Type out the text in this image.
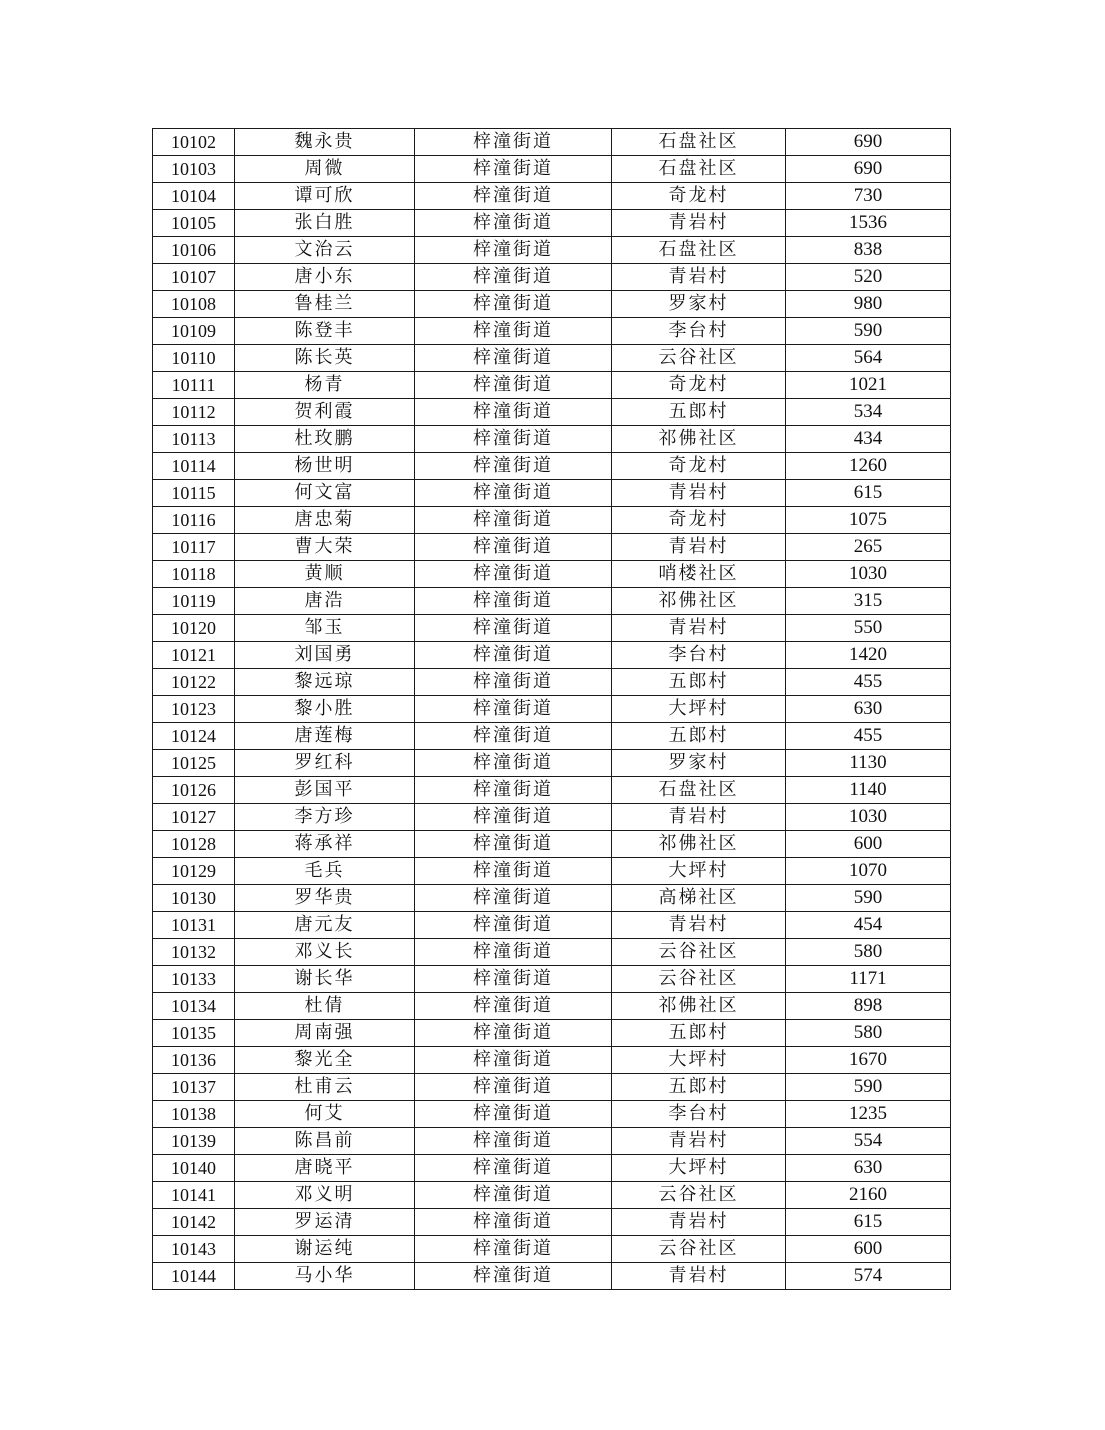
10102	魏永贵	梓潼街道	石盘社区	690
10103	周微	梓潼街道	石盘社区	690
10104	谭可欣	梓潼街道	奇龙村	730
10105	张白胜	梓潼街道	青岩村	1536
10106	文治云	梓潼街道	石盘社区	838
10107	唐小东	梓潼街道	青岩村	520
10108	鲁桂兰	梓潼街道	罗家村	980
10109	陈登丰	梓潼街道	李台村	590
10110	陈长英	梓潼街道	云谷社区	564
10111	杨青	梓潼街道	奇龙村	1021
10112	贺利霞	梓潼街道	五郎村	534
10113	杜玫鹏	梓潼街道	祁佛社区	434
10114	杨世明	梓潼街道	奇龙村	1260
10115	何文富	梓潼街道	青岩村	615
10116	唐忠菊	梓潼街道	奇龙村	1075
10117	曹大荣	梓潼街道	青岩村	265
10118	黄顺	梓潼街道	哨楼社区	1030
10119	唐浩	梓潼街道	祁佛社区	315
10120	邹玉	梓潼街道	青岩村	550
10121	刘国勇	梓潼街道	李台村	1420
10122	黎远琼	梓潼街道	五郎村	455
10123	黎小胜	梓潼街道	大坪村	630
10124	唐莲梅	梓潼街道	五郎村	455
10125	罗红科	梓潼街道	罗家村	1130
10126	彭国平	梓潼街道	石盘社区	1140
10127	李方珍	梓潼街道	青岩村	1030
10128	蒋承祥	梓潼街道	祁佛社区	600
10129	毛兵	梓潼街道	大坪村	1070
10130	罗华贵	梓潼街道	高梯社区	590
10131	唐元友	梓潼街道	青岩村	454
10132	邓义长	梓潼街道	云谷社区	580
10133	谢长华	梓潼街道	云谷社区	1171
10134	杜倩	梓潼街道	祁佛社区	898
10135	周南强	梓潼街道	五郎村	580
10136	黎光全	梓潼街道	大坪村	1670
10137	杜甫云	梓潼街道	五郎村	590
10138	何艾	梓潼街道	李台村	1235
10139	陈昌前	梓潼街道	青岩村	554
10140	唐晓平	梓潼街道	大坪村	630
10141	邓义明	梓潼街道	云谷社区	2160
10142	罗运清	梓潼街道	青岩村	615
10143	谢运纯	梓潼街道	云谷社区	600
10144	马小华	梓潼街道	青岩村	574
